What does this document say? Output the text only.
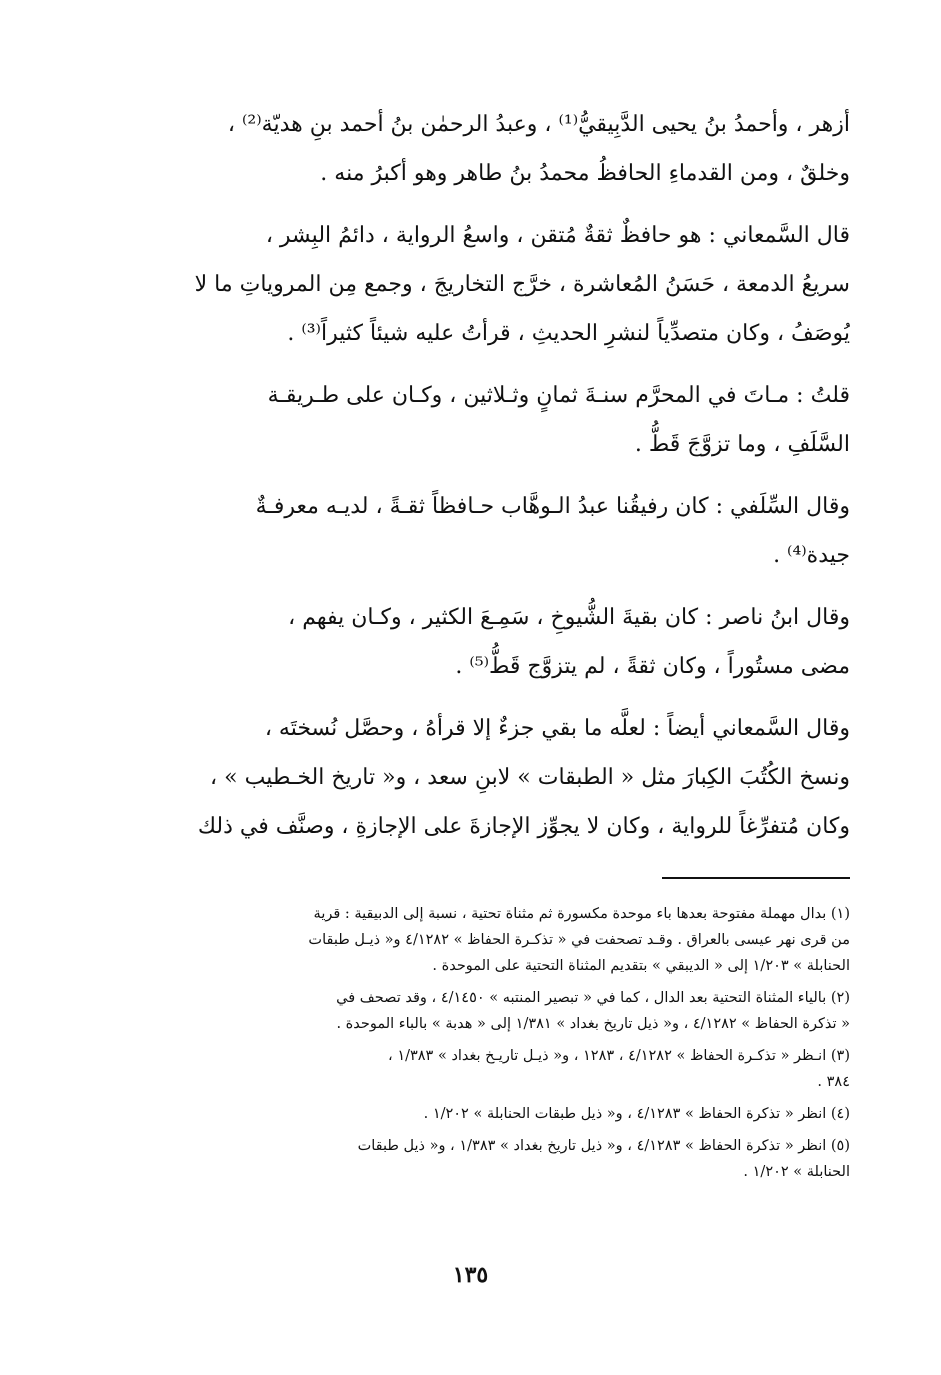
أزهر ، وأحمدُ بنُ يحيى الدَّبِيقيُّ⁽¹⁾ ، وعبدُ الرحمٰن بنُ أحمد بنِ هديّة⁽²⁾ ،
وخلقٌ ، ومن القدماءِ الحافظُ محمدُ بنُ طاهر وهو أكبرُ منه .

قال السَّمعاني : هو حافظٌ ثقةٌ مُتقن ، واسعُ الرواية ، دائمُ البِشر ،
سريعُ الدمعة ، حَسَنُ المُعاشرة ، خرَّج التخاريجَ ، وجمع مِن المروياتِ ما لا
يُوصَفُ ، وكان متصدِّياً لنشرِ الحديثِ ، قرأتُ عليه شيئاً كثيراً⁽³⁾ .

قلتُ : مـاتَ في المحرَّم سنـةَ ثمانٍ وثـلاثين ، وكـان على طـريقـة
السَّلَفِ ، وما تزوَّجَ قَطُّ .

وقال السِّلَفي : كان رفيقُنا عبدُ الـوهَّاب حـافظاً ثقـةً ، لديـه معرفـةٌ
جيدة⁽⁴⁾ .

وقال ابنُ ناصر : كان بقيةَ الشُّيوخِ ، سَمِـعَ الكثير ، وكـان يفهم ،
مضى مستُوراً ، وكان ثقةً ، لم يتزوَّج قَطُّ⁽⁵⁾ .

وقال السَّمعاني أيضاً : لعلَّه ما بقي جزءٌ إلا قرأهُ ، وحصَّل نُسختَه ،
ونسخ الكُتُبَ الكِبارَ مثل « الطبقات » لابنِ سعد ، و« تاريخ الخـطيب » ،
وكان مُتفرِّغاً للرواية ، وكان لا يجوِّز الإجازةَ على الإجازةِ ، وصنَّف في ذلك

(١) بدال مهملة مفتوحة بعدها باء موحدة مكسورة ثم مثناة تحتية ، نسبة إلى الدبيقية : قرية
من قرى نهر عيسى بالعراق . وقـد تصحفت في « تذكـرة الحفاظ » ٤/١٢٨٢ و« ذيـل طبقات
الحنابلة » ١/٢٠٣ إلى « الديبقي » بتقديم المثناة التحتية على الموحدة .

(٢) بالياء المثناة التحتية بعد الدال ، كما في « تبصير المنتبه » ٤/١٤٥٠ ، وقد تصحف في
« تذكرة الحفاظ » ٤/١٢٨٢ ، و« ذيل تاريخ بغداد » ١/٣٨١ إلى « هدبة » بالباء الموحدة .

(٣) انـظر « تذكـرة الحفاظ » ٤/١٢٨٢ ، ١٢٨٣ ، و« ذيـل تاريـخ بغداد » ١/٣٨٣ ،
٣٨٤ .

(٤) انظر « تذكرة الحفاظ » ٤/١٢٨٣ ، و« ذيل طبقات الحنابلة » ١/٢٠٢ .

(٥) انظر « تذكرة الحفاظ » ٤/١٢٨٣ ، و« ذيل تاريخ بغداد » ١/٣٨٣ ، و« ذيل طبقات
الحنابلة » ١/٢٠٢ .

١٣٥
